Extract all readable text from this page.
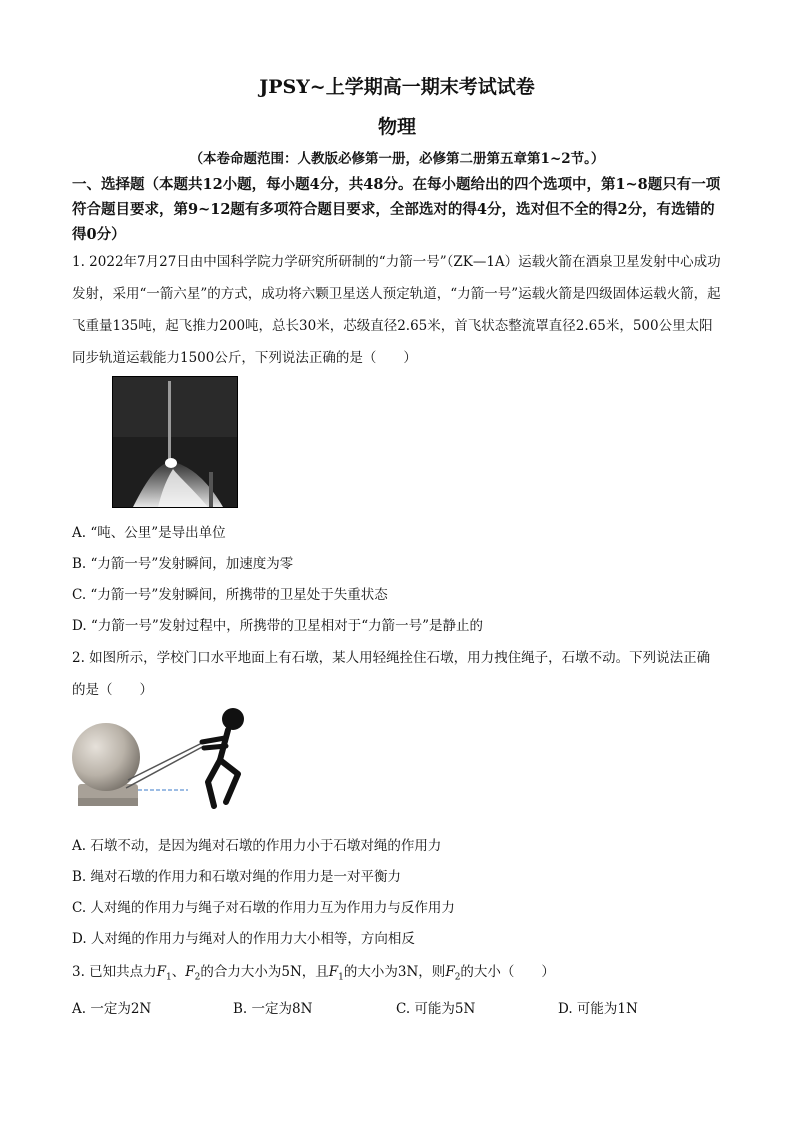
JPSY~上学期高一期末考试试卷
物理
（本卷命题范围：人教版必修第一册，必修第二册第五章第1~2节。）
一、选择题（本题共12小题，每小题4分，共48分。在每小题给出的四个选项中，第1~8题只有一项符合题目要求，第9~12题有多项符合题目要求，全部选对的得4分，选对但不全的得2分，有选错的得0分）
1. 2022年7月27日由中国科学院力学研究所研制的“力箭一号”（ZK—1A）运载火箭在酒泉卫星发射中心成功发射，采用“一箭六星”的方式，成功将六颗卫星送人预定轨道，“力箭一号”运载火箭是四级固体运载火箭，起飞重量135吨，起飞推力200吨，总长30米，芯级直径2.65米，首飞状态整流罩直径2.65米，500公里太阳同步轨道运载能力1500公斤，下列说法正确的是（　　）
A. “吨、公里”是导出单位
B. “力箭一号”发射瞬间，加速度为零
C. “力箭一号”发射瞬间，所携带的卫星处于失重状态
D. “力箭一号”发射过程中，所携带的卫星相对于“力箭一号”是静止的
2. 如图所示，学校门口水平地面上有石墩，某人用轻绳拴住石墩，用力拽住绳子，石墩不动。下列说法正确的是（　　）
A. 石墩不动，是因为绳对石墩的作用力小于石墩对绳的作用力
B. 绳对石墩的作用力和石墩对绳的作用力是一对平衡力
C. 人对绳的作用力与绳子对石墩的作用力互为作用力与反作用力
D. 人对绳的作用力与绳对人的作用力大小相等，方向相反
3. 已知共点力$F_1$、$F_2$的合力大小为5N，且$F_1$的大小为3N，则$F_2$的大小（　　）
A. 一定为2N	B. 一定为8N	C. 可能为5N	D. 可能为1N
